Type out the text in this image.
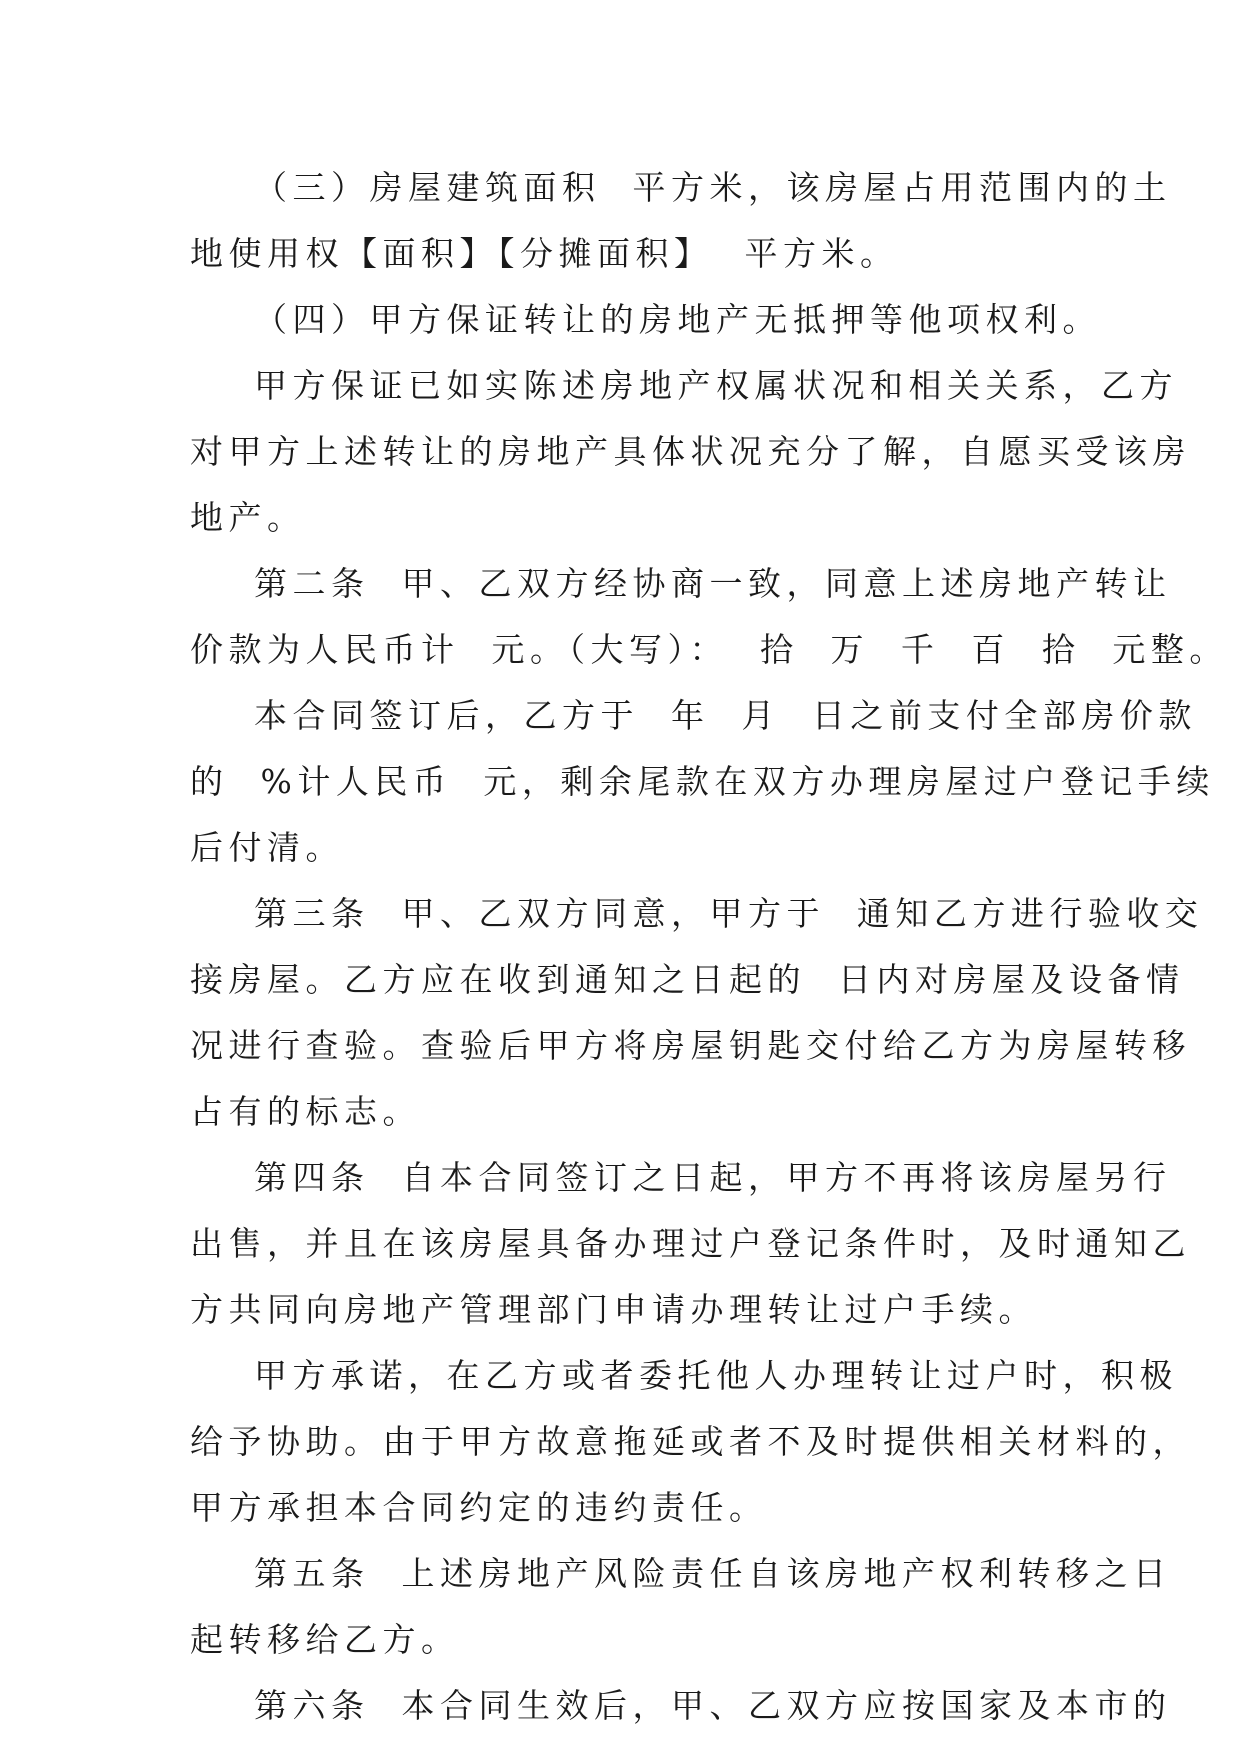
（三）房屋建筑面积  平方米，该房屋占用范围内的土
地使用权【面积】【分摊面积】  平方米。
（四）甲方保证转让的房地产无抵押等他项权利。
甲方保证已如实陈述房地产权属状况和相关关系，乙方
对甲方上述转让的房地产具体状况充分了解，自愿买受该房
地产。
第二条  甲、乙双方经协商一致，同意上述房地产转让
价款为人民币计  元。（大写）：  拾  万  千  百  拾  元整。
本合同签订后，乙方于  年  月  日之前支付全部房价款
的  %计人民币  元，剩余尾款在双方办理房屋过户登记手续
后付清。
第三条  甲、乙双方同意，甲方于  通知乙方进行验收交
接房屋。乙方应在收到通知之日起的  日内对房屋及设备情
况进行查验。查验后甲方将房屋钥匙交付给乙方为房屋转移
占有的标志。
第四条  自本合同签订之日起，甲方不再将该房屋另行
出售，并且在该房屋具备办理过户登记条件时，及时通知乙
方共同向房地产管理部门申请办理转让过户手续。
甲方承诺，在乙方或者委托他人办理转让过户时，积极
给予协助。由于甲方故意拖延或者不及时提供相关材料的，
甲方承担本合同约定的违约责任。
第五条  上述房地产风险责任自该房地产权利转移之日
起转移给乙方。
第六条  本合同生效后，甲、乙双方应按国家及本市的
